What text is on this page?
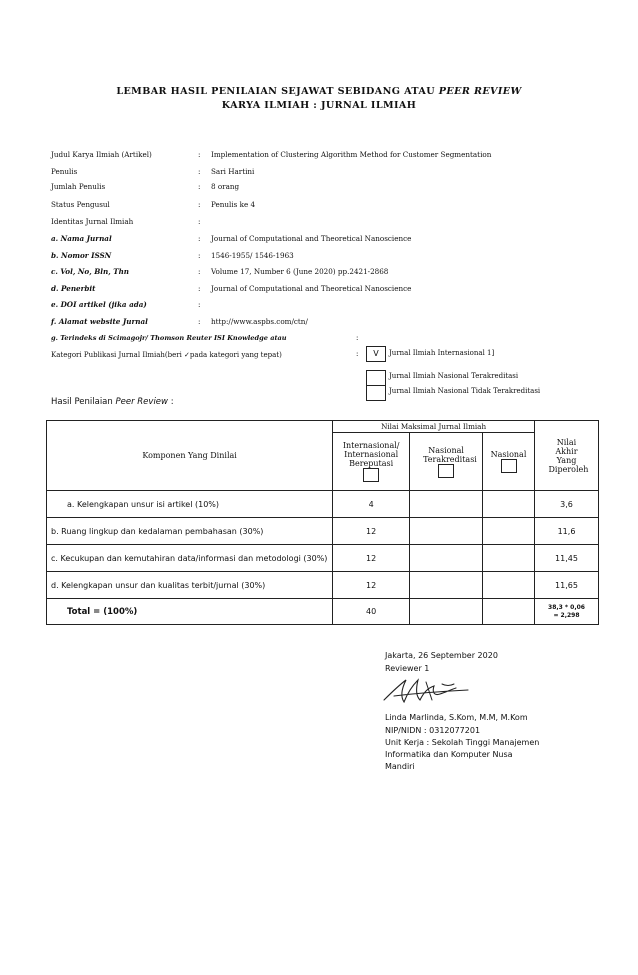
LEMBAR HASIL PENILAIAN SEJAWAT SEBIDANG ATAU PEER REVIEW
KARYA ILMIAH : JURNAL ILMIAH
Judul Karya Ilmiah (Artikel)	: Implementation of Clustering Algorithm Method for Customer Segmentation
Penulis	: Sari Hartini
Jumlah Penulis	: 8 orang
Status Pengusul	: Penulis ke 4
Identitas Jurnal Ilmiah	:
a. Nama Jurnal	: Journal of Computational and Theoretical Nanoscience
b. Nomor ISSN	: 1546-1955/ 1546-1963
c. Vol, No, Bln, Thn	: Volume 17, Number 6 (June 2020) pp.2421-2868
d. Penerbit	: Journal of Computational and Theoretical Nanoscience
e. DOI artikel (jika ada)	:
f. Alamat website Jurnal	: http://www.aspbs.com/ctn/
g. Terindeks di Scimagojr/ Thomson Reuter ISI Knowledge atau	:
Kategori Publikasi Jurnal Ilmiah(beri ✓pada kategori yang tepat)	:	V	Jurnal Ilmiah Internasional 1]
Jurnal Ilmiah Nasional Terakreditasi
Jurnal Ilmiah Nasional Tidak Terakreditasi
Hasil Penilaian Peer Review :
Komponen Yang Dinilai	Nilai Maksimal Jurnal Ilmiah			Nilai Akhir Yang Diperoleh

	Internasional/ Internasional Bereputasi	Nasional Terakreditasi	Nasional	

a. Kelengkapan unsur isi artikel (10%)	4			3,6
b. Ruang lingkup dan kedalaman pembahasan (30%)	12			11,6
c. Kecukupan dan kemutahiran data/informasi dan metodologi (30%)	12			11,45
d. Kelengkapan unsur dan kualitas terbit/jurnal (30%)	12			11,65
Total = (100%)	40			38,3 * 0,06 = 2,298
Jakarta, 26 September 2020
Reviewer 1
Linda Marlinda, S.Kom, M.M, M.Kom
NIP/NIDN : 0312077201
Unit Kerja : Sekolah Tinggi Manajemen
Informatika dan Komputer Nusa
Mandiri
